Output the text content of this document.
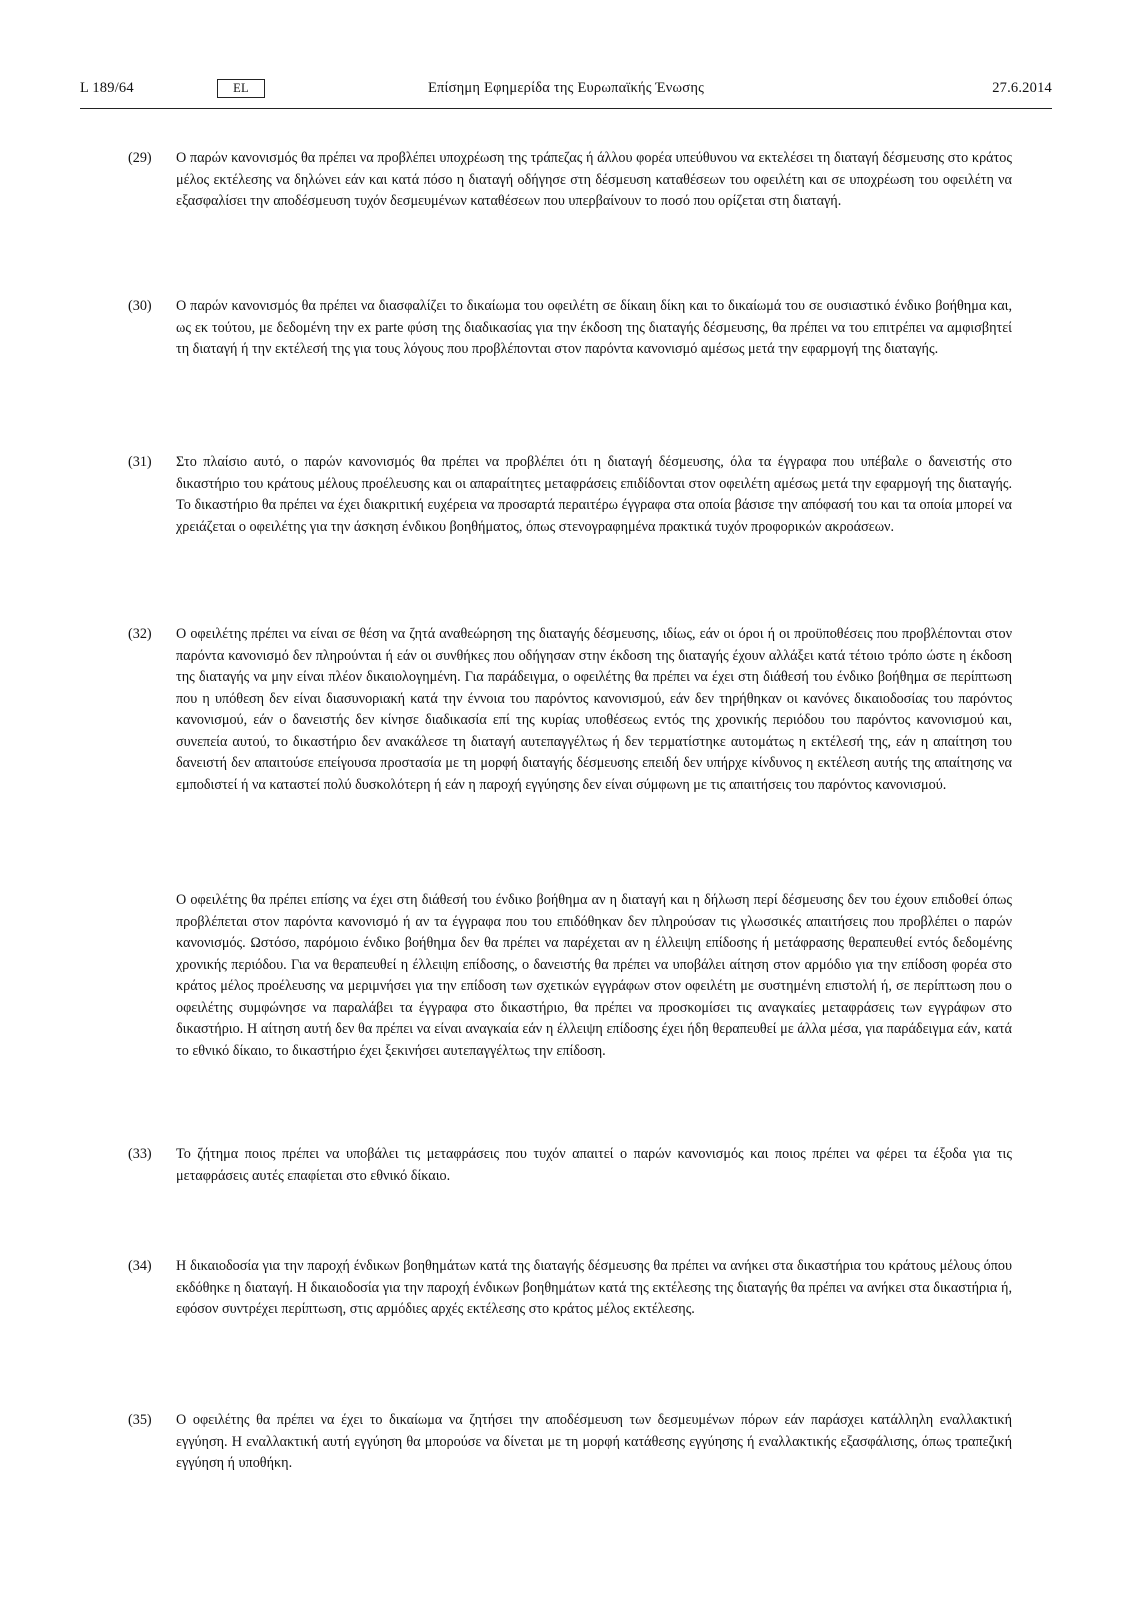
L 189/64	Επίσημη Εφημερίδα της Ευρωπαϊκής Ένωσης
EL	27.6.2014
(29)	Ο παρών κανονισμός θα πρέπει να προβλέπει υποχρέωση της τράπεζας ή άλλου φορέα υπεύθυνου να εκτελέσει τη διαταγή δέσμευσης στο κράτος μέλος εκτέλεσης να δηλώνει εάν και κατά πόσο η διαταγή οδήγησε στη δέσμευση καταθέσεων του οφειλέτη και σε υποχρέωση του οφειλέτη να εξασφαλίσει την αποδέσμευση τυχόν δεσμευμένων καταθέσεων που υπερβαίνουν το ποσό που ορίζεται στη διαταγή.
(30)	Ο παρών κανονισμός θα πρέπει να διασφαλίζει το δικαίωμα του οφειλέτη σε δίκαιη δίκη και το δικαίωμά του σε ουσιαστικό ένδικο βοήθημα και, ως εκ τούτου, με δεδομένη την ex parte φύση της διαδικασίας για την έκδοση της διαταγής δέσμευσης, θα πρέπει να του επιτρέπει να αμφισβητεί τη διαταγή ή την εκτέλεσή της για τους λόγους που προβλέπονται στον παρόντα κανονισμό αμέσως μετά την εφαρμογή της διαταγής.
(31)	Στο πλαίσιο αυτό, ο παρών κανονισμός θα πρέπει να προβλέπει ότι η διαταγή δέσμευσης, όλα τα έγγραφα που υπέβαλε ο δανειστής στο δικαστήριο του κράτους μέλους προέλευσης και οι απαραίτητες μεταφράσεις επιδίδονται στον οφειλέτη αμέσως μετά την εφαρμογή της διαταγής. Το δικαστήριο θα πρέπει να έχει διακριτική ευχέρεια να προσαρτά περαιτέρω έγγραφα στα οποία βάσισε την απόφασή του και τα οποία μπορεί να χρειάζεται ο οφειλέτης για την άσκηση ένδικου βοηθήματος, όπως στενογραφημένα πρακτικά τυχόν προφορικών ακροάσεων.
(32)	Ο οφειλέτης πρέπει να είναι σε θέση να ζητά αναθεώρηση της διαταγής δέσμευσης, ιδίως, εάν οι όροι ή οι προϋποθέσεις που προβλέπονται στον παρόντα κανονισμό δεν πληρούνται ή εάν οι συνθήκες που οδήγησαν στην έκδοση της διαταγής έχουν αλλάξει κατά τέτοιο τρόπο ώστε η έκδοση της διαταγής να μην είναι πλέον δικαιολογημένη. Για παράδειγμα, ο οφειλέτης θα πρέπει να έχει στη διάθεσή του ένδικο βοήθημα σε περίπτωση που η υπόθεση δεν είναι διασυνοριακή κατά την έννοια του παρόντος κανονισμού, εάν δεν τηρήθηκαν οι κανόνες δικαιοδοσίας του παρόντος κανονισμού, εάν ο δανειστής δεν κίνησε διαδικασία επί της κυρίας υποθέσεως εντός της χρονικής περιόδου του παρόντος κανονισμού και, συνεπεία αυτού, το δικαστήριο δεν ανακάλεσε τη διαταγή αυτεπαγγέλτως ή δεν τερματίστηκε αυτομάτως η εκτέλεσή της, εάν η απαίτηση του δανειστή δεν απαιτούσε επείγουσα προστασία με τη μορφή διαταγής δέσμευσης επειδή δεν υπήρχε κίνδυνος η εκτέλεση αυτής της απαίτησης να εμποδιστεί ή να καταστεί πολύ δυσκολότερη ή εάν η παροχή εγγύησης δεν είναι σύμφωνη με τις απαιτήσεις του παρόντος κανονισμού.
Ο οφειλέτης θα πρέπει επίσης να έχει στη διάθεσή του ένδικο βοήθημα αν η διαταγή και η δήλωση περί δέσμευσης δεν του έχουν επιδοθεί όπως προβλέπεται στον παρόντα κανονισμό ή αν τα έγγραφα που του επιδόθηκαν δεν πληρούσαν τις γλωσσικές απαιτήσεις που προβλέπει ο παρών κανονισμός. Ωστόσο, παρόμοιο ένδικο βοήθημα δεν θα πρέπει να παρέχεται αν η έλλειψη επίδοσης ή μετάφρασης θεραπευθεί εντός δεδομένης χρονικής περιόδου. Για να θεραπευθεί η έλλειψη επίδοσης, ο δανειστής θα πρέπει να υποβάλει αίτηση στον αρμόδιο για την επίδοση φορέα στο κράτος μέλος προέλευσης να μεριμνήσει για την επίδοση των σχετικών εγγράφων στον οφειλέτη με συστημένη επιστολή ή, σε περίπτωση που ο οφειλέτης συμφώνησε να παραλάβει τα έγγραφα στο δικαστήριο, θα πρέπει να προσκομίσει τις αναγκαίες μεταφράσεις των εγγράφων στο δικαστήριο. Η αίτηση αυτή δεν θα πρέπει να είναι αναγκαία εάν η έλλειψη επίδοσης έχει ήδη θεραπευθεί με άλλα μέσα, για παράδειγμα εάν, κατά το εθνικό δίκαιο, το δικαστήριο έχει ξεκινήσει αυτεπαγγέλτως την επίδοση.
(33)	Το ζήτημα ποιος πρέπει να υποβάλει τις μεταφράσεις που τυχόν απαιτεί ο παρών κανονισμός και ποιος πρέπει να φέρει τα έξοδα για τις μεταφράσεις αυτές επαφίεται στο εθνικό δίκαιο.
(34)	Η δικαιοδοσία για την παροχή ένδικων βοηθημάτων κατά της διαταγής δέσμευσης θα πρέπει να ανήκει στα δικαστήρια του κράτους μέλους όπου εκδόθηκε η διαταγή. Η δικαιοδοσία για την παροχή ένδικων βοηθημάτων κατά της εκτέλεσης της διαταγής θα πρέπει να ανήκει στα δικαστήρια ή, εφόσον συντρέχει περίπτωση, στις αρμόδιες αρχές εκτέλεσης στο κράτος μέλος εκτέλεσης.
(35)	Ο οφειλέτης θα πρέπει να έχει το δικαίωμα να ζητήσει την αποδέσμευση των δεσμευμένων πόρων εάν παράσχει κατάλληλη εναλλακτική εγγύηση. Η εναλλακτική αυτή εγγύηση θα μπορούσε να δίνεται με τη μορφή κατάθεσης εγγύησης ή εναλλακτικής εξασφάλισης, όπως τραπεζική εγγύηση ή υποθήκη.
